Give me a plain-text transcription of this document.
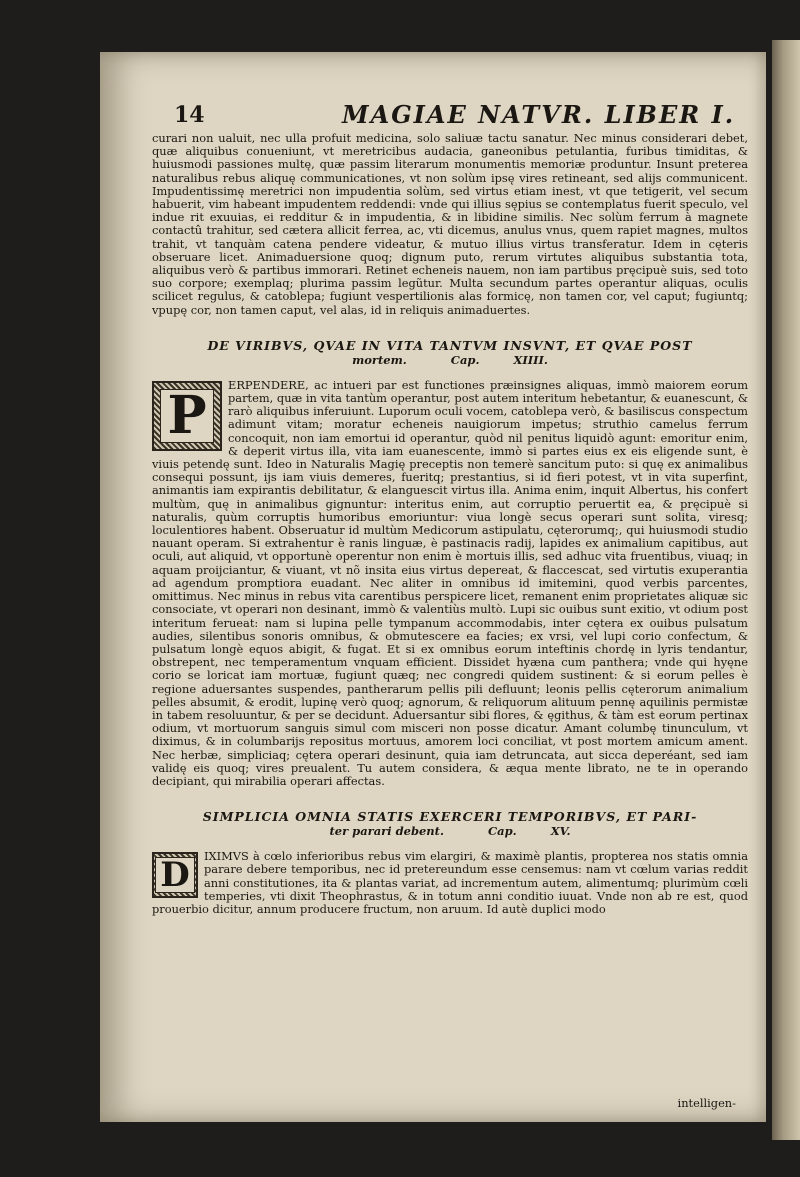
14	MAGIAE NATVR. LIBER I.

curari non ualuit, nec ulla profuit medicina, solo saliuæ tactu sanatur. Nec minus considerari debet, quæ aliquibus conueniunt, vt meretricibus audacia, ganeonibus petulantia, furibus timiditas, & huiusmodi passiones multę, quæ passim literarum monumentis memoriæ produntur. Insunt preterea naturalibus rebus aliquę communicationes, vt non solùm ipsę vires retineant, sed alijs communicent. Impudentissimę meretrici non impudentia solùm, sed virtus etiam inest, vt que tetigerit, vel secum habuerit, vim habeant impudentem reddendi: vnde qui illius sępius se contemplatus fuerit speculo, vel indue rit exuuias, ei redditur & in impudentia, & in libidine similis. Nec solùm ferrum à magnete contactû trahitur, sed cætera allicit ferrea, ac, vti dicemus, anulus vnus, quem rapiet magnes, multos trahit, vt tanquàm catena pendere videatur, & mutuo illius virtus transferatur. Idem in cęteris obseruare licet. Animaduersione quoq; dignum puto, rerum virtutes aliquibus substantia tota, aliquibus verò & partibus immorari. Retinet echeneis nauem, non iam partibus pręcipuè suis, sed toto suo corpore; exemplaq; plurima passim legũtur. Multa secundum partes operantur aliquas, oculis scilicet regulus, & catoblepa; fugiunt vespertilionis alas formicę, non tamen cor, vel caput; fugiuntq; vpupę cor, non tamen caput, vel alas, id in reliquis animaduertes.

DE VIRIBVS, QVAE IN VITA TANTVM INSVNT, ET QVAE POST
mortem.	Cap.	XIIII.
P	ERPENDERE, ac intueri par est functiones præinsignes aliquas, immò maiorem eorum partem, quæ in vita tantùm operantur, post autem interitum hebetantur, & euanescunt, & rarò aliquibus inferuiunt. Luporum oculi vocem, catoblepa verò, & basiliscus conspectum adimunt vitam; moratur echeneis nauigiorum impetus; struthio camelus ferrum concoquit, non iam emortui id operantur, quòd nil penitus liquidò agunt: emoritur enim, & deperit virtus illa, vita iam euanescente, immò si partes eius ex eis eligende sunt, è viuis petendę sunt. Ideo in Naturalis Magię preceptis non temerè sancitum puto: si quę ex animalibus consequi possunt, ijs iam viuis demeres, fueritq; prestantius, si id fieri potest, vt in vita superfint, animantis iam expirantis debilitatur, & elanguescit virtus illa. Anima enim, inquit Albertus, his confert multùm, quę in animalibus gignuntur: interitus enim, aut corruptio peruertit ea, & pręcipuè si naturalis, quùm corruptis humoribus emoriuntur: viua longè secus operari sunt solita, viresq; loculentiores habent. Obseruatur id multùm Medicorum astipulatu, cęterorumq;, qui huiusmodi studio nauant operam. Si extrahentur è ranis linguæ, è pastinacis radij, lapides ex animalium capitibus, aut oculi, aut aliquid, vt opportunè operentur non enim è mortuis illis, sed adhuc vita fruentibus, viuaq; in aquam proijciantur, & viuant, vt nõ insita eius virtus depereat, & flaccescat, sed virtutis exuperantia ad agendum promptiora euadant. Nec aliter in omnibus id imitemini, quod verbis parcentes, omittimus. Nec minus in rebus vita carentibus perspicere licet, remanent enim proprietates aliquæ sic consociate, vt operari non desinant, immò & valentiùs multò. Lupi sic ouibus sunt exitio, vt odium post interitum ferueat: nam si lupina pelle tympanum accommodabis, inter cętera ex ouibus pulsatum audies, silentibus sonoris omnibus, & obmutescere ea facies; ex vrsi, vel lupi corio confectum, & pulsatum longè equos abigit, & fugat. Et si ex omnibus eorum inteftinis chordę in lyris tendantur, obstrepent, nec temperamentum vnquam efficient. Dissidet hyæna cum panthera; vnde qui hyęne corio se loricat iam mortuæ, fugiunt quæq; nec congredi quidem sustinent: & si eorum pelles è regione aduersantes suspendes, pantherarum pellis pili defluunt; leonis pellis cęterorum animalium pelles absumit, & erodit, lupinę verò quoq; agnorum, & reliquorum alituum pennę aquilinis permistæ in tabem resoluuntur, & per se decidunt. Aduersantur sibi flores, & ęgithus, & tàm est eorum pertinax odium, vt mortuorum sanguis simul com misceri non posse dicatur. Amant columbę tinunculum, vt diximus, & in columbarijs repositus mortuus, amorem loci conciliat, vt post mortem amicum ament. Nec herbæ, simpliciaq; cętera operari desinunt, quia iam detruncata, aut sicca deperéant, sed iam validę eis quoq; vires preualent. Tu autem considera, & æqua mente librato, ne te in operando decipiant, qui mirabilia operari affectas.

SIMPLICIA OMNIA STATIS EXERCERI TEMPORIBVS, ET PARI-
ter parari debent.	Cap.	XV.
D	IXIMVS à cœlo inferioribus rebus vim elargiri, & maximè plantis, propterea nos statis omnia parare debere temporibus, nec id pretereundum esse censemus: nam vt cœlum varias reddit anni constitutiones, ita & plantas variat, ad incrementum autem, alimentumq; plurimùm cœli temperies, vti dixit Theophrastus, & in totum anni conditio iuuat. Vnde non ab re est, quod prouerbio dicitur, annum producere fructum, non aruum. Id autè duplici modo

intelligen-
